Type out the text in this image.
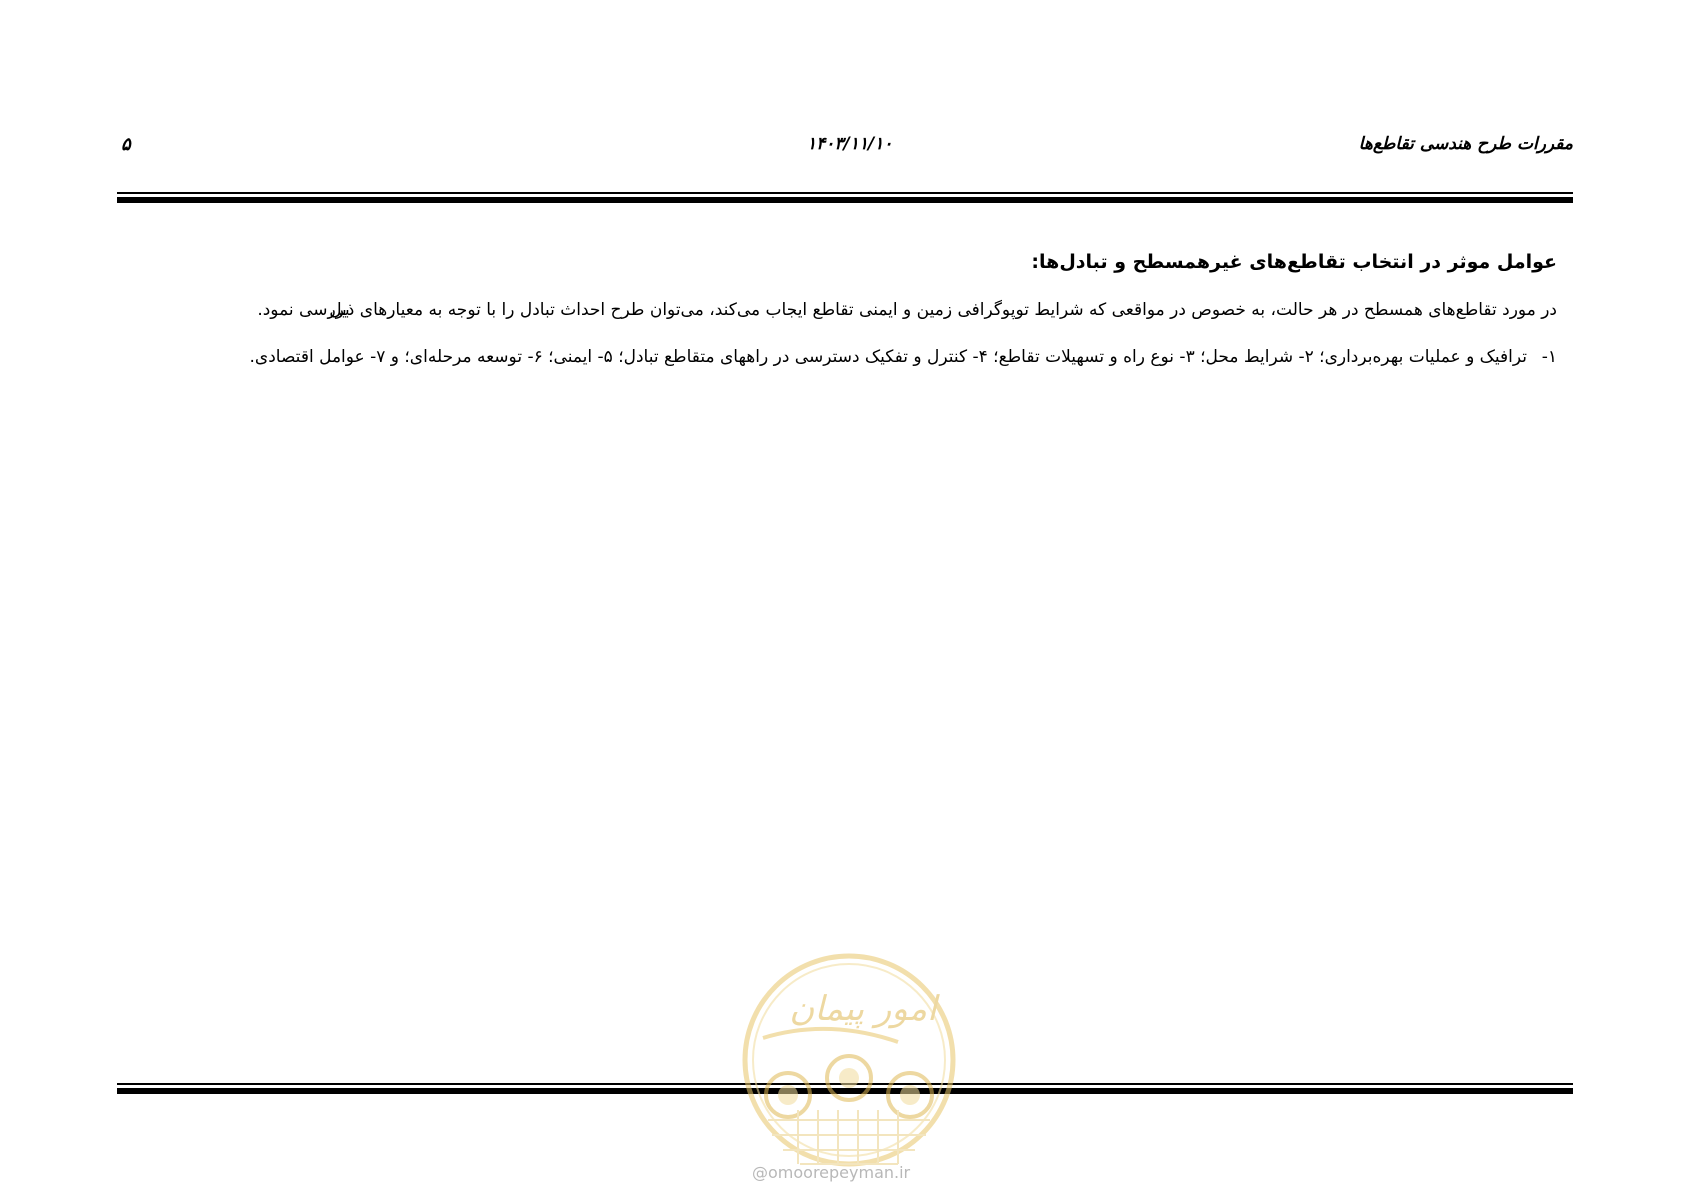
مقررات طرح هندسی تقاطع‌ها
۱۴۰۳/۱۱/۱۰
۵
عوامل موثر در انتخاب تقاطع‌های غیرهمسطح و تبادل‌ها:
در مورد تقاطع‌های همسطح در هر حالت، به خصوص در مواقعی که شرایط توپوگرافی زمین و ایمنی تقاطع ایجاب می‌کند، می‌توان طرح احداث تبادل را با توجه به معیارهای ذیل بررسی نمود.
۱-
ترافیک و عملیات بهره‌برداری؛ ۲- شرایط محل؛ ۳- نوع راه و تسهیلات تقاطع؛ ۴- کنترل و تفکیک دسترسی در راههای متقاطع تبادل؛ ۵- ایمنی؛ ۶- توسعه مرحله‌ای؛ و ۷- عوامل اقتصادی.
امور پیمان
@omoorepeyman.ir
